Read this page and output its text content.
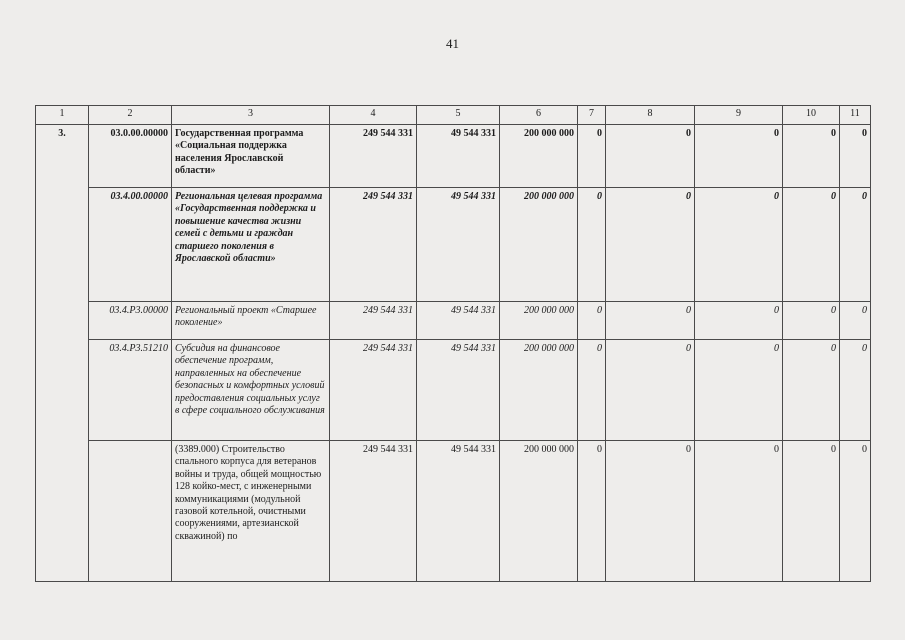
41
1	2	3	4	5	6	7	8	9	10	11
3.	03.0.00.00000	Государственная программа «Социальная поддержка населения Ярославской области»	249 544 331	49 544 331	200 000 000	0	0	0	0	0
	03.4.00.00000	Региональная целевая программа «Государственная поддержка и повышение качества жизни семей с детьми и граждан старшего поколения в Ярославской области»	249 544 331	49 544 331	200 000 000	0	0	0	0	0
	03.4.Р3.00000	Региональный проект «Старшее поколение»	249 544 331	49 544 331	200 000 000	0	0	0	0	0
	03.4.Р3.51210	Субсидия на финансовое обеспечение программ, направленных на обеспечение безопасных и комфортных условий предоставления социальных услуг в сфере социального обслуживания	249 544 331	49 544 331	200 000 000	0	0	0	0	0
		(3389.000) Строительство спального корпуса для ветеранов войны и труда, общей мощностью 128 койко-мест, с инженерными коммуникациями (модульной газовой котельной, очистными сооружениями, артезианской скважиной) по	249 544 331	49 544 331	200 000 000	0	0	0	0	0
